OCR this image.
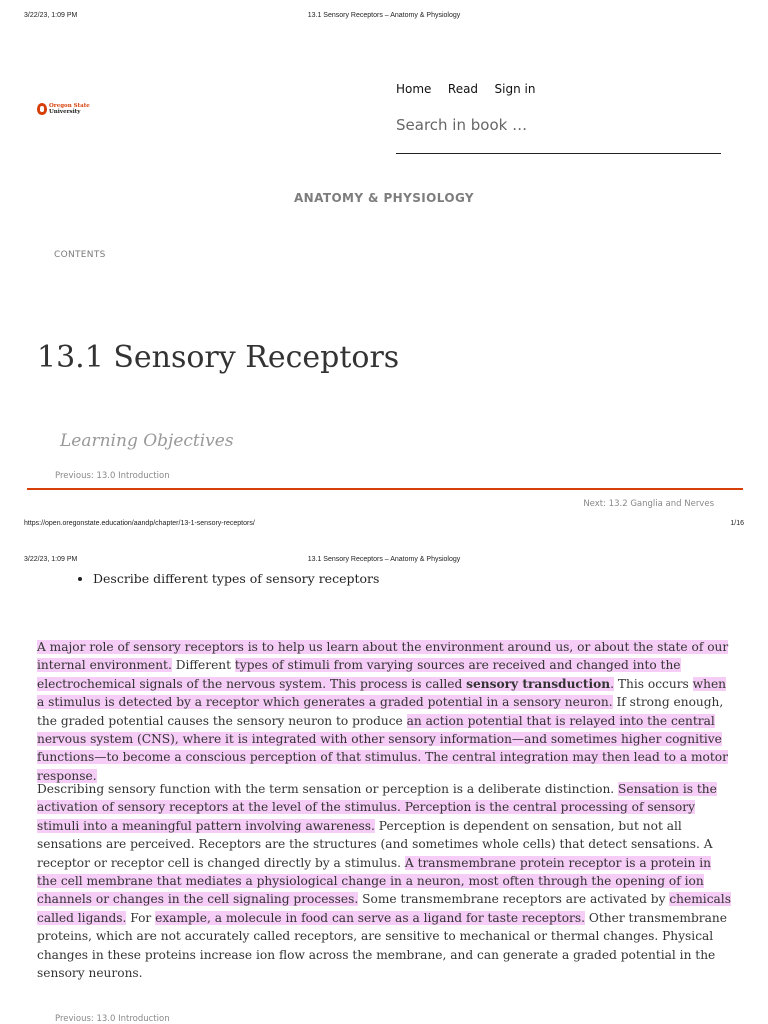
3/22/23, 1:09 PM	13.1 Sensory Receptors – Anatomy & Physiology
Oregon State
University
Home Read Sign in
Search in book …
ANATOMY & PHYSIOLOGY
CONTENTS
13.1 Sensory Receptors
Learning Objectives
Previous: 13.0 Introduction
Next: 13.2 Ganglia and Nerves
https://open.oregonstate.education/aandp/chapter/13-1-sensory-receptors/	1/16
3/22/23, 1:09 PM	13.1 Sensory Receptors – Anatomy & Physiology
• Describe different types of sensory receptors

A major role of sensory receptors is to help us learn about the environment around us, or about the state of our internal environment. Different types of stimuli from varying sources are received and changed into the electrochemical signals of the nervous system. This process is called sensory transduction. This occurs when a stimulus is detected by a receptor which generates a graded potential in a sensory neuron. If strong enough, the graded potential causes the sensory neuron to produce an action potential that is relayed into the central nervous system (CNS), where it is integrated with other sensory information—and sometimes higher cognitive functions—to become a conscious perception of that stimulus. The central integration may then lead to a motor response.

Describing sensory function with the term sensation or perception is a deliberate distinction. Sensation is the activation of sensory receptors at the level of the stimulus. Perception is the central processing of sensory stimuli into a meaningful pattern involving awareness. Perception is dependent on sensation, but not all sensations are perceived. Receptors are the structures (and sometimes whole cells) that detect sensations. A receptor or receptor cell is changed directly by a stimulus. A transmembrane protein receptor is a protein in the cell membrane that mediates a physiological change in a neuron, most often through the opening of ion channels or changes in the cell signaling processes. Some transmembrane receptors are activated by chemicals called ligands. For example, a molecule in food can serve as a ligand for taste receptors. Other transmembrane proteins, which are not accurately called receptors, are sensitive to mechanical or thermal changes. Physical changes in these proteins increase ion flow across the membrane, and can generate a graded potential in the sensory neurons.

Previous: 13.0 Introduction
